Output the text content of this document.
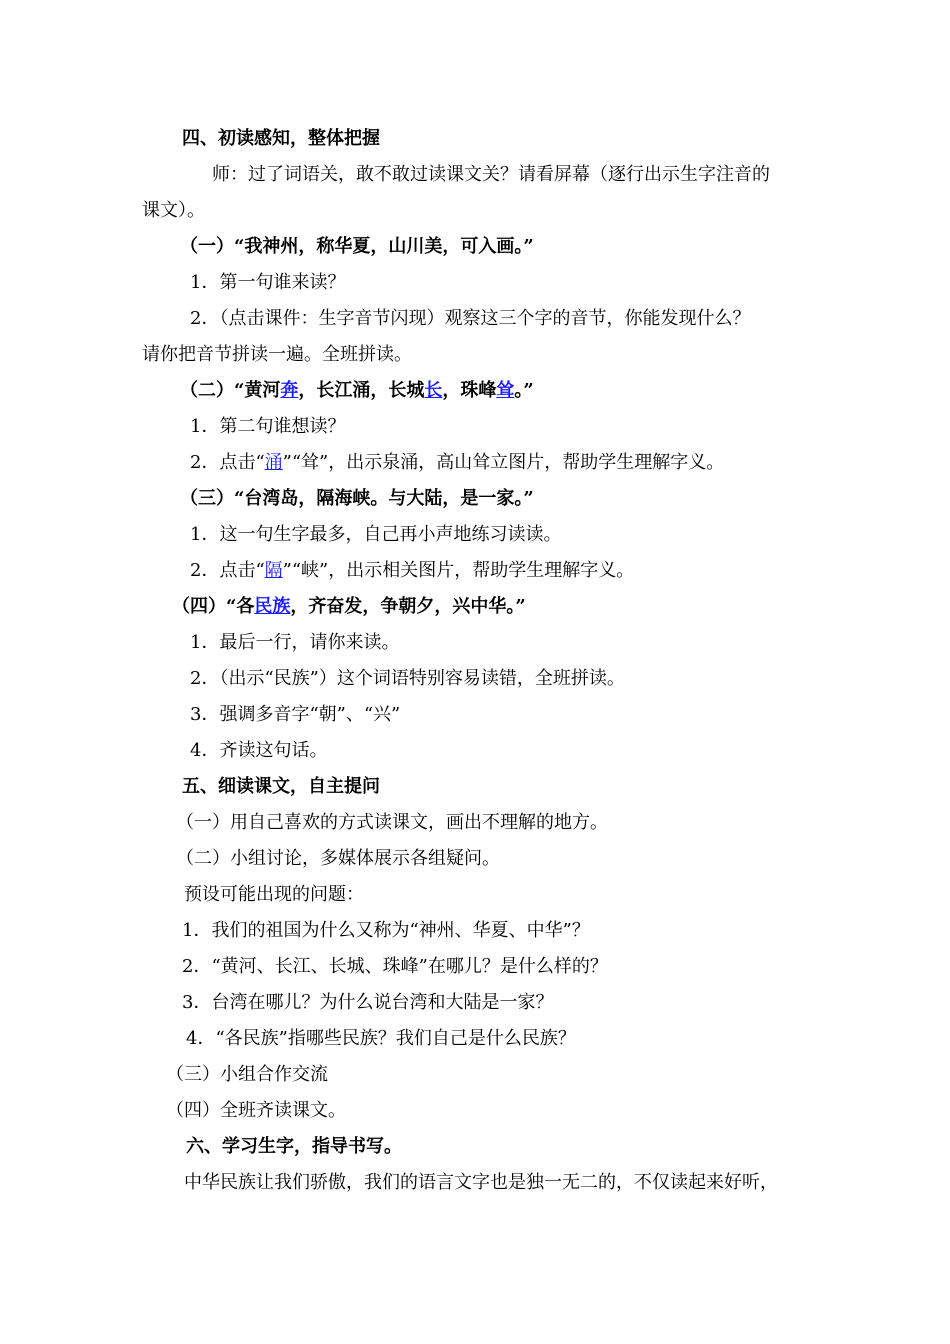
四、初读感知，整体把握
师：过了词语关，敢不敢过读课文关？请看屏幕（逐行出示生字注音的
课文）。
（一）“我神州，称华夏，山川美，可入画。”
1．第一句谁来读？
2．（点击课件：生字音节闪现）观察这三个字的音节，你能发现什么？
请你把音节拼读一遍。全班拼读。
（二）“黄河奔，长江涌，长城长，珠峰耸。”
1．第二句谁想读？
2．点击“涌”“耸”，出示泉涌，高山耸立图片，帮助学生理解字义。
（三）“台湾岛，隔海峡。与大陆，是一家。”
1．这一句生字最多，自己再小声地练习读读。
2．点击“隔”“峡”，出示相关图片，帮助学生理解字义。
（四）“各民族，齐奋发，争朝夕，兴中华。”
1．最后一行，请你来读。
2．（出示“民族”）这个词语特别容易读错，全班拼读。
3．强调多音字“朝”、“兴”
4．齐读这句话。
五、细读课文，自主提问
（一）用自己喜欢的方式读课文，画出不理解的地方。
（二）小组讨论，多媒体展示各组疑问。
预设可能出现的问题：
1．我们的祖国为什么又称为“神州、华夏、中华”？
2．“黄河、长江、长城、珠峰”在哪儿？是什么样的？
3．台湾在哪儿？为什么说台湾和大陆是一家？
4．“各民族”指哪些民族？我们自己是什么民族？
（三）小组合作交流
（四）全班齐读课文。
六、学习生字，指导书写。
中华民族让我们骄傲，我们的语言文字也是独一无二的，不仅读起来好听，
